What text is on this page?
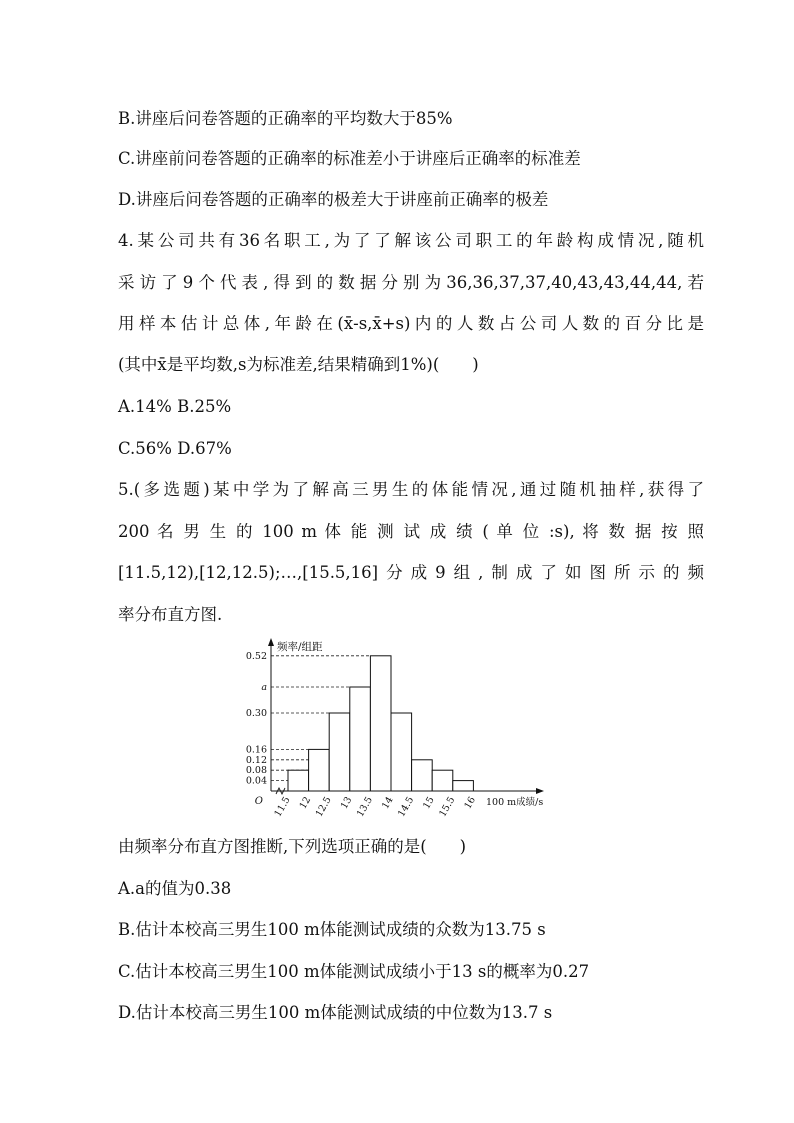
B.讲座后问卷答题的正确率的平均数大于85%
C.讲座前问卷答题的正确率的标准差小于讲座后正确率的标准差
D.讲座后问卷答题的正确率的极差大于讲座前正确率的极差
4.某公司共有36名职工,为了了解该公司职工的年龄构成情况,随机
采访了9个代表,得到的数据分别为36,36,37,37,40,43,43,44,44,若
用样本估计总体,年龄在(x̄-s,x̄+s)内的人数占公司人数的百分比是
(其中x̄是平均数,s为标准差,结果精确到1%)(　　)
A.14% B.25%
C.56% D.67%
5.(多选题)某中学为了解高三男生的体能情况,通过随机抽样,获得了
200 名 男 生 的 100 m 体 能 测 试 成 绩 ( 单 位 :s), 将 数 据 按 照
[11.5,12),[12,12.5);…,[15.5,16]分成9组,制成了如图所示的频
率分布直方图.
0.04
0.08
0.12
0.16
0.30
a
0.52
11.5 12 12.5 13 13.5 14 14.5 15 15.5 16
O
频率/组距
100 m成绩/s
由频率分布直方图推断,下列选项正确的是(　　)
A.a的值为0.38
B.估计本校高三男生100 m体能测试成绩的众数为13.75 s
C.估计本校高三男生100 m体能测试成绩小于13 s的概率为0.27
D.估计本校高三男生100 m体能测试成绩的中位数为13.7 s
